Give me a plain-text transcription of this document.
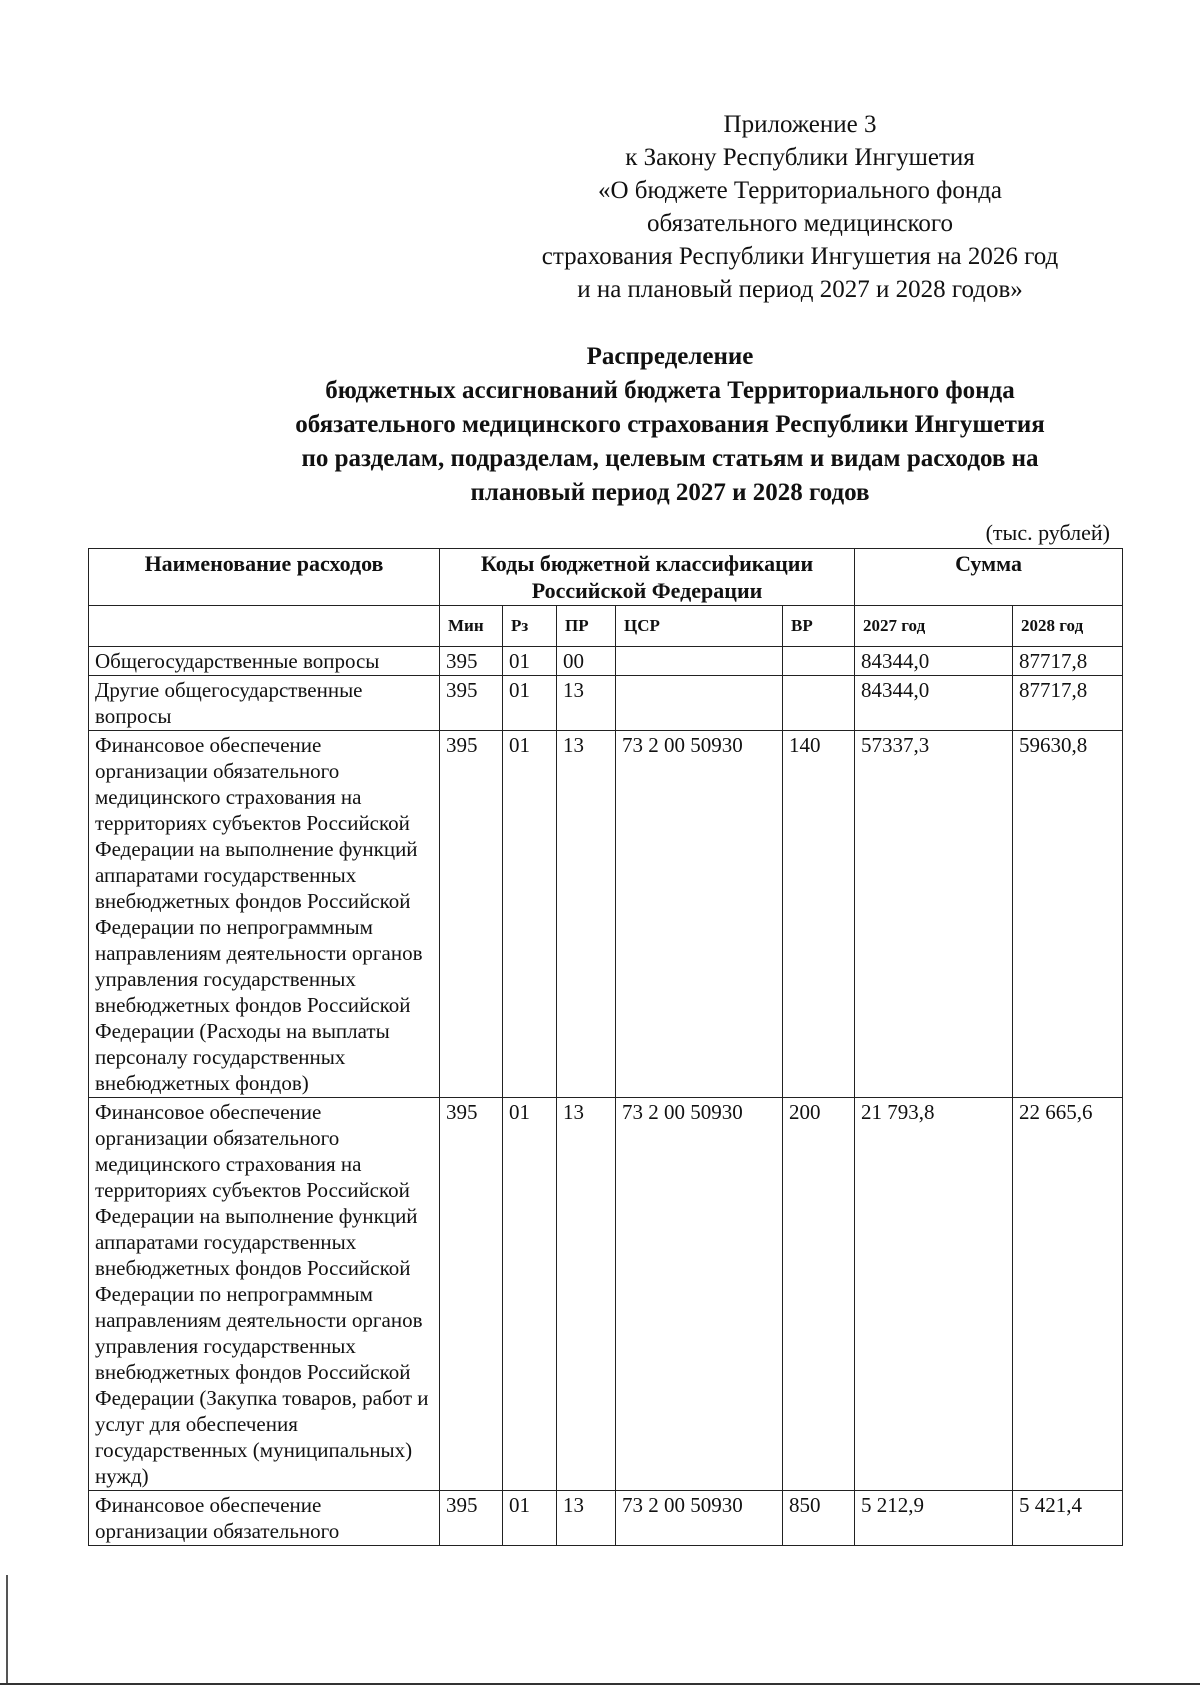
Приложение 3
к Закону Республики Ингушетия
«О бюджете Территориального фонда
обязательного медицинского
страхования Республики Ингушетия на 2026 год
и на плановый период 2027 и 2028 годов»
Распределение
бюджетных ассигнований бюджета Территориального фонда
обязательного медицинского страхования Республики Ингушетия
по разделам, подразделам, целевым статьям и видам расходов на
плановый период 2027 и 2028 годов
(тыс. рублей)
Наименование расходов	Коды бюджетной классификации Российской Федерации					Сумма	
	Мин	Рз	ПР	ЦСР	ВР	2027 год	2028 год
Общегосударственные вопросы	395	01	00			84344,0	87717,8
Другие общегосударственные вопросы	395	01	13			84344,0	87717,8
Финансовое обеспечение организации обязательного медицинского страхования на территориях субъектов Российской Федерации на выполнение функций аппаратами государственных внебюджетных фондов Российской Федерации по непрограммным направлениям деятельности органов управления государственных внебюджетных фондов Российской Федерации (Расходы на выплаты персоналу государственных внебюджетных фондов)	395	01	13	73 2 00 50930	140	57337,3	59630,8
Финансовое обеспечение организации обязательного медицинского страхования на территориях субъектов Российской Федерации на выполнение функций аппаратами государственных внебюджетных фондов Российской Федерации по непрограммным направлениям деятельности органов управления государственных внебюджетных фондов Российской Федерации (Закупка товаров, работ и услуг для обеспечения государственных (муниципальных) нужд)	395	01	13	73 2 00 50930	200	21 793,8	22 665,6
Финансовое обеспечение организации обязательного	395	01	13	73 2 00 50930	850	5 212,9	5 421,4
